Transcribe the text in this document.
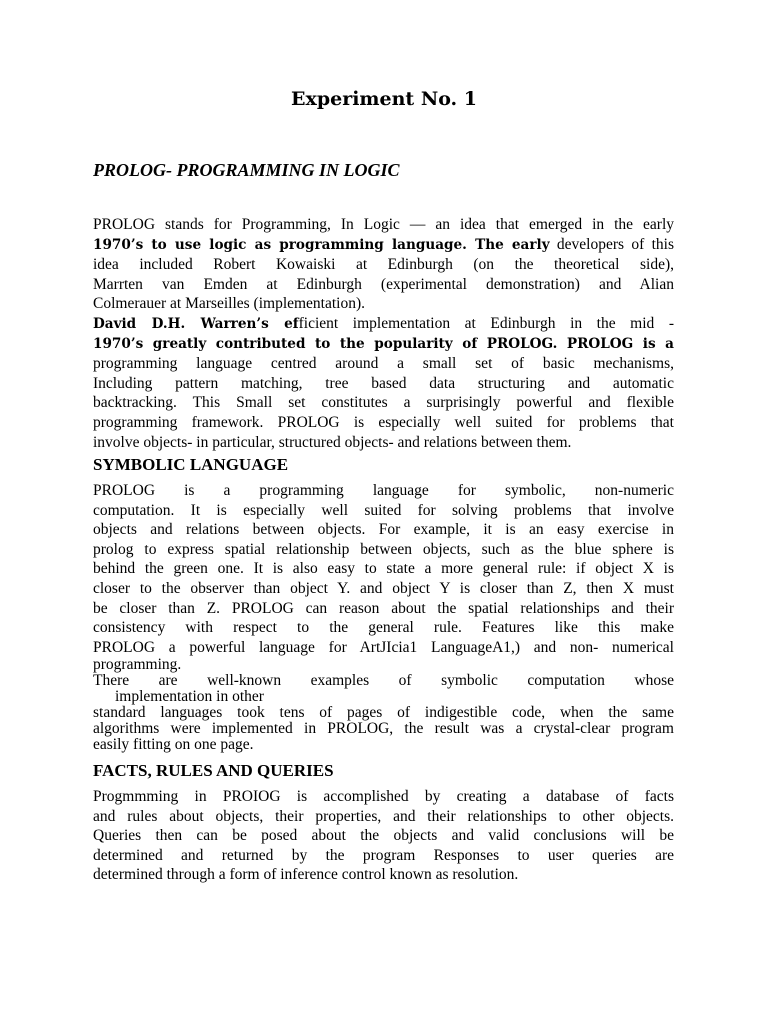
Experiment No. 1
PROLOG- PROGRAMMING IN LOGIC
PROLOG stands for Programming, In Logic — an idea that emerged in the early
1970’s to use logic as programming language. The early developers of this
idea included Robert Kowaiski at Edinburgh (on the theoretical side),
Marrten van Emden at Edinburgh (experimental demonstration) and Alian
Colmerauer at Marseilles (implementation).
David D.H. Warren’s efficient implementation at Edinburgh in the mid -
1970’s greatly contributed to the popularity of PROLOG. PROLOG is a
programming language centred around a small set of basic mechanisms,
Including pattern matching, tree based data structuring and automatic
backtracking. This Small set constitutes a surprisingly powerful and flexible
programming framework. PROLOG is especially well suited for problems that
involve objects- in particular, structured objects- and relations between them.
SYMBOLIC LANGUAGE
PROLOG is a programming language for symbolic, non-numeric
computation. It is especially well suited for solving problems that involve
objects and relations between objects. For example, it is an easy exercise in
prolog to express spatial relationship between objects, such as the blue sphere is
behind the green one. It is also easy to state a more general rule: if object X is
closer to the observer than object Y. and object Y is closer than Z, then X must
be closer than Z. PROLOG can reason about the spatial relationships and their
consistency with respect to the general rule. Features like this make
PROLOG a powerful language for ArtJIcia1 LanguageA1,) and non- numerical
programming.
There are well-known examples of symbolic computation whose
implementation in other
standard languages took tens of pages of indigestible code, when the same
algorithms were implemented in PROLOG, the result was a crystal-clear program
easily fitting on one page.
FACTS, RULES AND QUERIES
Progmmming in PROIOG is accomplished by creating a database of facts
and rules about objects, their properties, and their relationships to other objects.
Queries then can be posed about the objects and valid conclusions will be
determined and returned by the program Responses to user queries are
determined through a form of inference control known as resolution.
